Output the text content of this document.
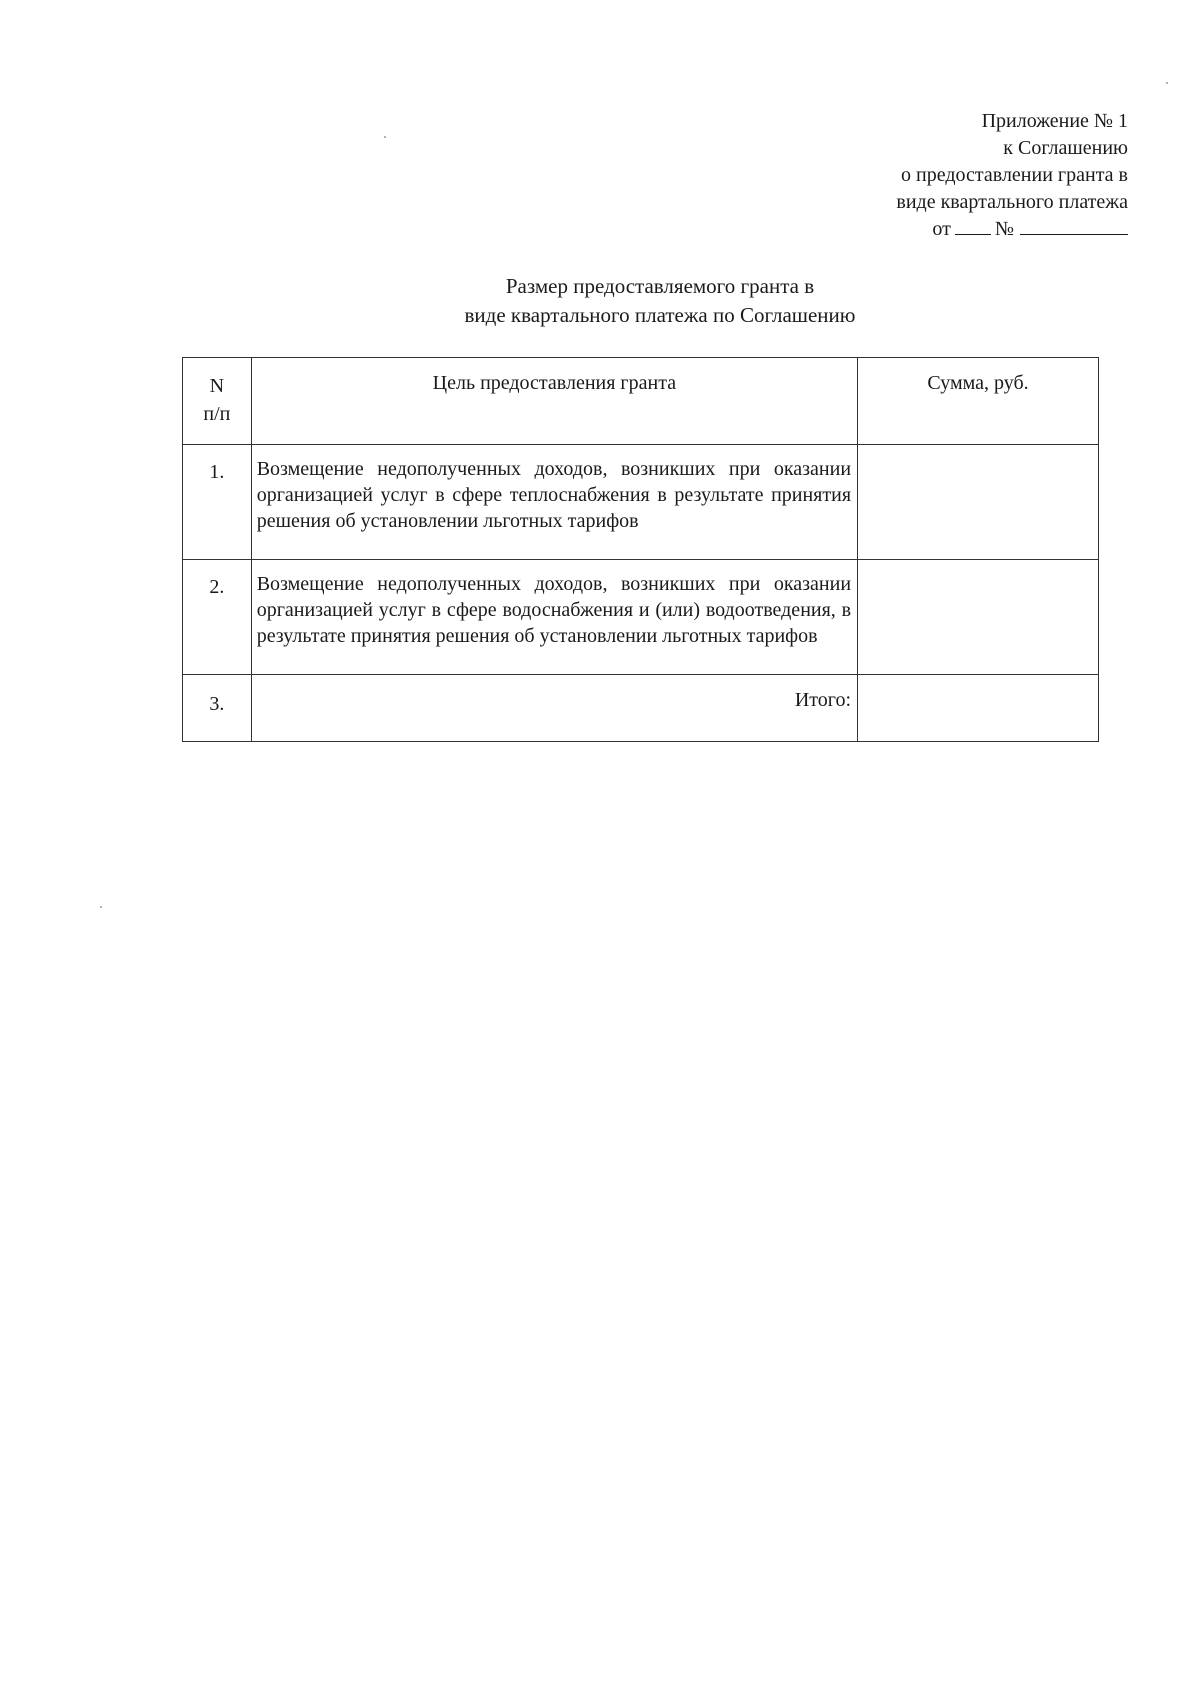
Приложение № 1
к Соглашению
о предоставлении гранта в
виде квартального платежа
от №
Размер предоставляемого гранта в
виде квартального платежа по Соглашению
N
п/п	Цель предоставления гранта	Сумма, руб.
1.	Возмещение недополученных доходов, возникших при оказании организацией услуг в сфере теплоснабжения в результате принятия решения об установлении льготных тарифов	
2.	Возмещение недополученных доходов, возникших при оказании организацией услуг в сфере водоснабжения и (или) водоотведения, в результате принятия решения об установлении льготных тарифов	
3.	Итого:	
